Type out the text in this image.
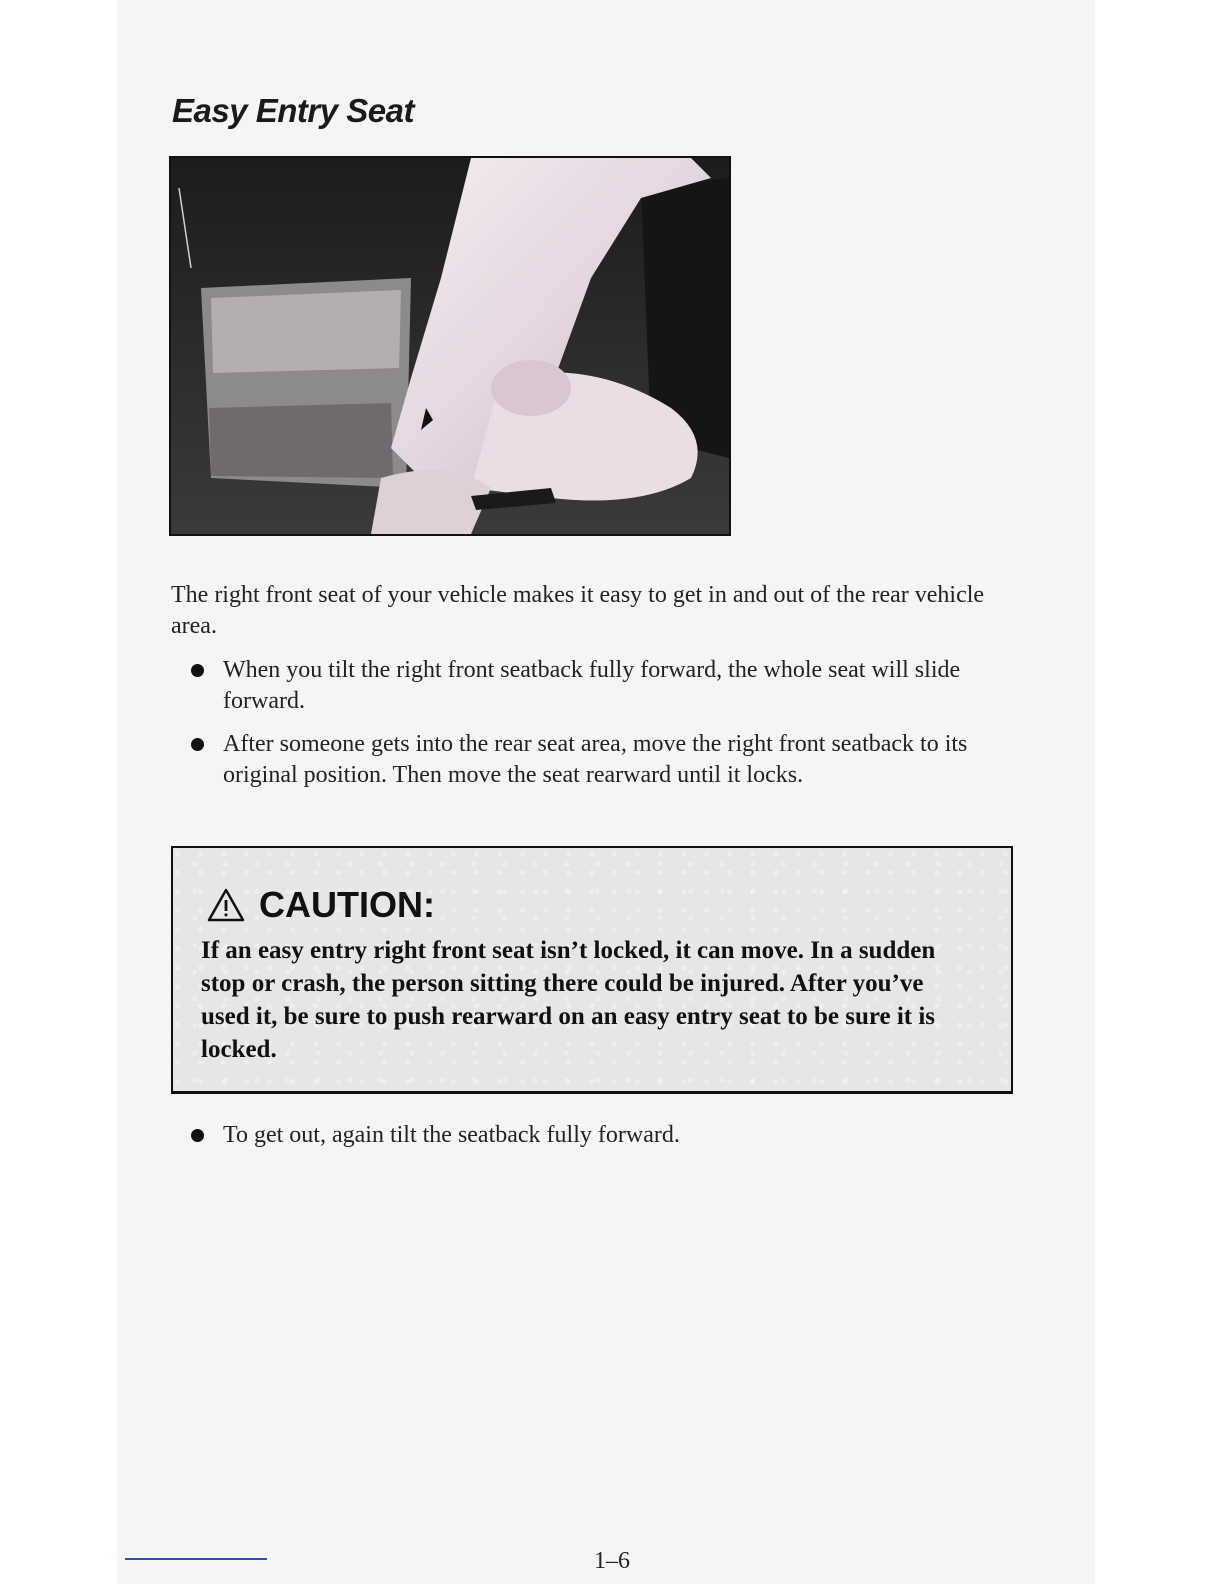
Easy Entry Seat

The right front seat of your vehicle makes it easy to get in and out of the rear vehicle area.

When you tilt the right front seatback fully forward, the whole seat will slide forward.
After someone gets into the rear seat area, move the right front seatback to its original position. Then move the seat rearward until it locks.
CAUTION:

If an easy entry right front seat isn’t locked, it can move. In a sudden stop or crash, the person sitting there could be injured. After you’ve used it, be sure to push rearward on an easy entry seat to be sure it is locked.

To get out, again tilt the seatback fully forward.
1–6
